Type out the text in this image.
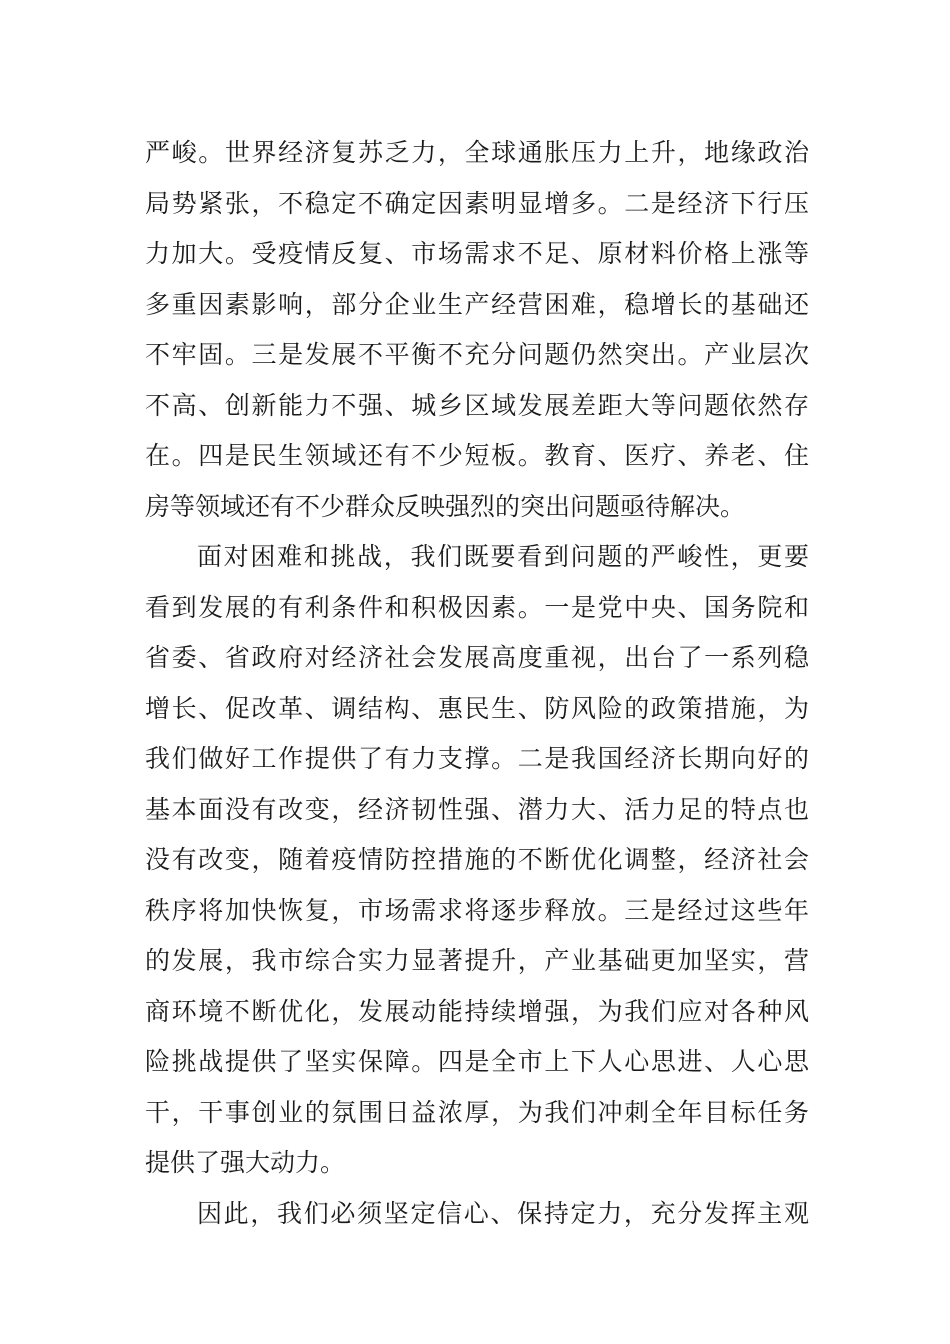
严峻。世界经济复苏乏力，全球通胀压力上升，地缘政治
局势紧张，不稳定不确定因素明显增多。二是经济下行压
力加大。受疫情反复、市场需求不足、原材料价格上涨等
多重因素影响，部分企业生产经营困难，稳增长的基础还
不牢固。三是发展不平衡不充分问题仍然突出。产业层次
不高、创新能力不强、城乡区域发展差距大等问题依然存
在。四是民生领域还有不少短板。教育、医疗、养老、住
房等领域还有不少群众反映强烈的突出问题亟待解决。
面对困难和挑战，我们既要看到问题的严峻性，更要
看到发展的有利条件和积极因素。一是党中央、国务院和
省委、省政府对经济社会发展高度重视，出台了一系列稳
增长、促改革、调结构、惠民生、防风险的政策措施，为
我们做好工作提供了有力支撑。二是我国经济长期向好的
基本面没有改变，经济韧性强、潜力大、活力足的特点也
没有改变，随着疫情防控措施的不断优化调整，经济社会
秩序将加快恢复，市场需求将逐步释放。三是经过这些年
的发展，我市综合实力显著提升，产业基础更加坚实，营
商环境不断优化，发展动能持续增强，为我们应对各种风
险挑战提供了坚实保障。四是全市上下人心思进、人心思
干，干事创业的氛围日益浓厚，为我们冲刺全年目标任务
提供了强大动力。
因此，我们必须坚定信心、保持定力，充分发挥主观
